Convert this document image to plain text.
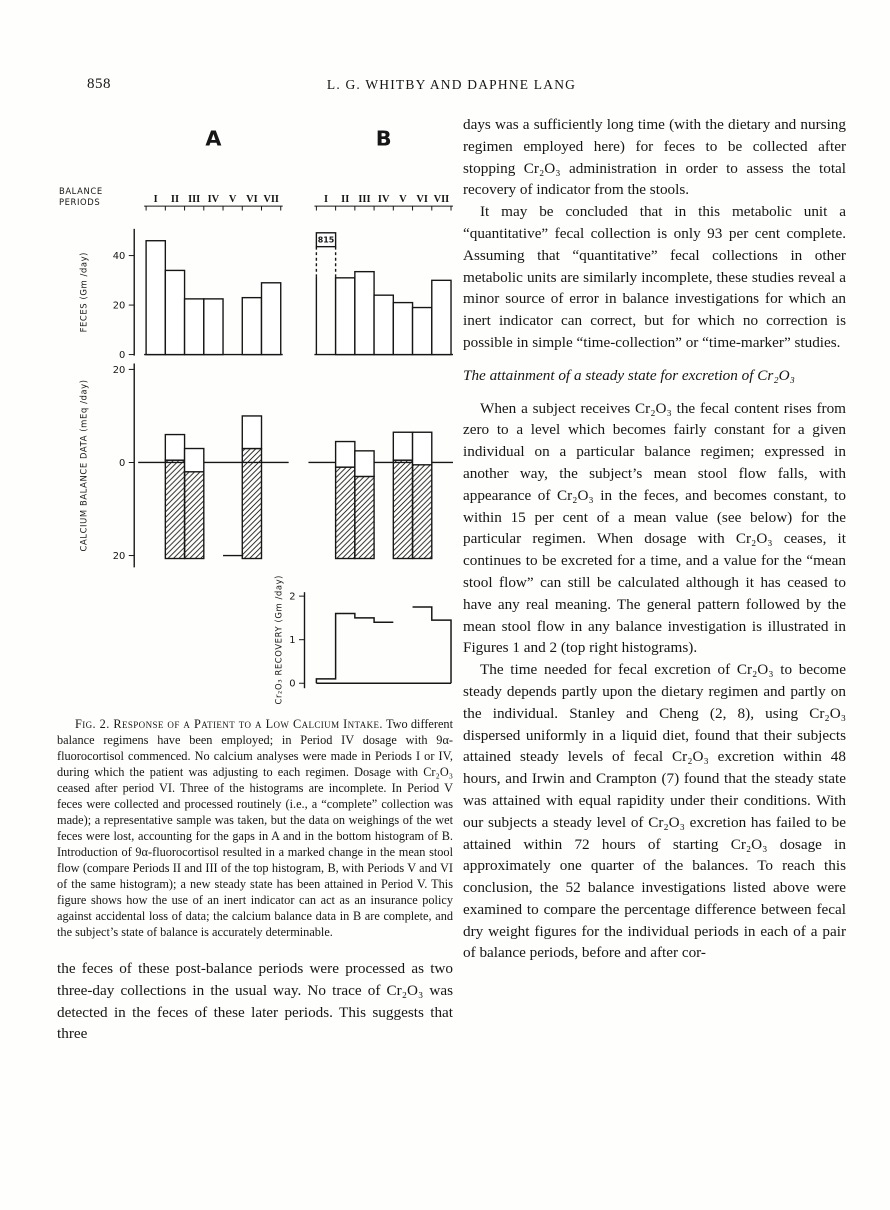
858	L. G. WHITBY AND DAPHNE LANG
A	B
BALANCE
PERIODS	I II III IV V VI VII	I II III IV V VI VII
0
20
40
FECES (Gm /day)
815
20
0
20
CALCIUM BALANCE DATA (mEq /day)
0
1
2
Cr₂O₃ RECOVERY (Gm /day)
Fig. 2. Response of a Patient to a Low Calcium Intake. Two different balance regimens have been employed; in Period IV dosage with 9α-fluorocortisol commenced. No calcium analyses were made in Periods I or IV, during which the patient was adjusting to each regimen. Dosage with Cr₂O₃ ceased after period VI. Three of the histograms are incomplete. In Period V feces were collected and processed routinely (i.e., a “complete” collection was made); a representative sample was taken, but the data on weighings of the wet feces were lost, accounting for the gaps in A and in the bottom histogram of B. Introduction of 9α-fluorocortisol resulted in a marked change in the mean stool flow (compare Periods II and III of the top histogram, B, with Periods V and VI of the same histogram); a new steady state has been attained in Period V. This figure shows how the use of an inert indicator can act as an insurance policy against accidental loss of data; the calcium balance data in B are complete, and the subject’s state of balance is accurately determinable.

the feces of these post-balance periods were processed as two three-day collections in the usual way. No trace of Cr₂O₃ was detected in the feces of these later periods. This suggests that three

days was a sufficiently long time (with the dietary and nursing regimen employed here) for feces to be collected after stopping Cr₂O₃ administration in order to assess the total recovery of indicator from the stools.

It may be concluded that in this metabolic unit a “quantitative” fecal collection is only 93 per cent complete. Assuming that “quantitative” fecal collections in other metabolic units are similarly incomplete, these studies reveal a minor source of error in balance investigations for which an inert indicator can correct, but for which no correction is possible in simple “time-collection” or “time-marker” studies.

The attainment of a steady state for excretion of Cr₂O₃

When a subject receives Cr₂O₃ the fecal content rises from zero to a level which becomes fairly constant for a given individual on a particular balance regimen; expressed in another way, the subject’s mean stool flow falls, with appearance of Cr₂O₃ in the feces, and becomes constant, to within 15 per cent of a mean value (see below) for the particular regimen. When dosage with Cr₂O₃ ceases, it continues to be excreted for a time, and a value for the “mean stool flow” can still be calculated although it has ceased to have any real meaning. The general pattern followed by the mean stool flow in any balance investigation is illustrated in Figures 1 and 2 (top right histograms).

The time needed for fecal excretion of Cr₂O₃ to become steady depends partly upon the dietary regimen and partly on the individual. Stanley and Cheng (2, 8), using Cr₂O₃ dispersed uniformly in a liquid diet, found that their subjects attained steady levels of fecal Cr₂O₃ excretion within 48 hours, and Irwin and Crampton (7) found that the steady state was attained with equal rapidity under their conditions. With our subjects a steady level of Cr₂O₃ excretion has failed to be attained within 72 hours of starting Cr₂O₃ dosage in approximately one quarter of the balances. To reach this conclusion, the 52 balance investigations listed above were examined to compare the percentage difference between fecal dry weight figures for the individual periods in each of a pair of balance periods, before and after cor-
